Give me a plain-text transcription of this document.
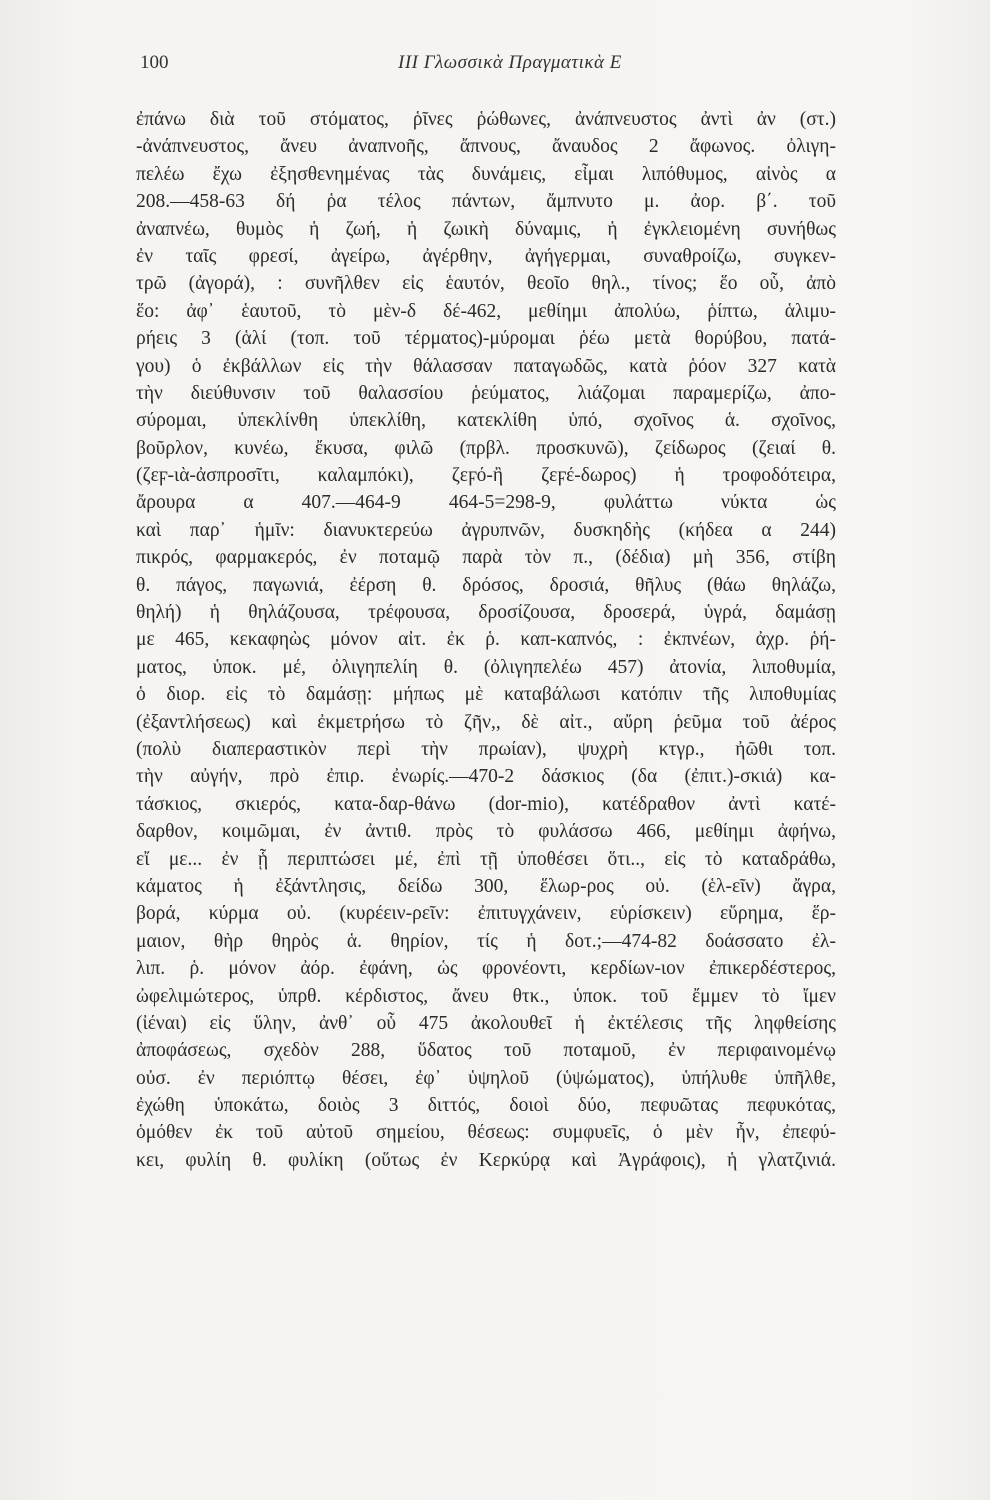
100	ΙΙΙ Γλωσσικὰ Πραγματικὰ Ε
ἐπάνω διὰ τοῦ στόματος, ῥῖνες ῥώθωνες, ἀνάπνευστος ἀντὶ ἀν (στ.)
-ἀνάπνευστος, ἄνευ ἀναπνοῆς, ἄπνους, ἄναυδος 2 ἄφωνος. ὀλιγη-
πελέω ἔχω ἐξησθενημένας τὰς δυνάμεις, εἶμαι λιπόθυμος, αἰνὸς α
208.—458-63 δή ῥα τέλος πάντων, ἄμπνυτο μ. ἀορ. β΄. τοῦ
ἀναπνέω, θυμὸς ἡ ζωή, ἡ ζωικὴ δύναμις, ἡ ἐγκλειομένη συνήθως
ἐν ταῖς φρεσί, ἀγείρω, ἀγέρθην, ἀγήγερμαι, συναθροίζω, συγκεν-
τρῶ (ἀγορά), : συνῆλθεν εἰς ἑαυτόν, θεοῖο θηλ., τίνος; ἕο οὗ, ἀπὸ
ἕο: ἀφ᾽ ἑαυτοῦ, τὸ μὲν-δ δέ-462, μεθίημι ἀπολύω, ῥίπτω, ἁλιμυ-
ρήεις 3 (ἁλί (τοπ. τοῦ τέρματος)-μύρομαι ῥέω μετὰ θορύβου, πατά-
γου) ὁ ἐκβάλλων εἰς τὴν θάλασσαν παταγωδῶς, κατὰ ῥόον 327 κατὰ
τὴν διεύθυνσιν τοῦ θαλασσίου ῥεύματος, λιάζομαι παραμερίζω, ἀπο-
σύρομαι, ὑπεκλίνθη ὑπεκλίθη, κατεκλίθη ὑπό, σχοῖνος ἁ. σχοῖνος,
βοῦρλον, κυνέω, ἔκυσα, φιλῶ (πρβλ. προσκυνῶ), ζείδωρος (ζειαί θ.
(ζεϝ-ιὰ-ἀσπροσῖτι, καλαμπόκι), ζεϝό-ἢ ζεϝέ-δωρος) ἡ τροφοδότειρα,
ἄρουρα α 407.—464-9 464-5=298-9, φυλάττω νύκτα ὡς
καὶ παρ᾽ ἡμῖν: διανυκτερεύω ἀγρυπνῶν, δυσκηδὴς (κήδεα α 244)
πικρός, φαρμακερός, ἐν ποταμῷ παρὰ τὸν π., (δέδια) μὴ 356, στίβη
θ. πάγος, παγωνιά, ἐέρση θ. δρόσος, δροσιά, θῆλυς (θάω θηλάζω,
θηλή) ἡ θηλάζουσα, τρέφουσα, δροσίζουσα, δροσερά, ὑγρά, δαμάσῃ
με 465, κεκαφηὼς μόνον αἰτ. ἐκ ῥ. καπ-καπνός, : ἐκπνέων, ἀχρ. ῥή-
ματος, ὑποκ. μέ, ὀλιγηπελίη θ. (ὀλιγηπελέω 457) ἀτονία, λιποθυμία,
ὁ διορ. εἰς τὸ δαμάσῃ: μήπως μὲ καταβάλωσι κατόπιν τῆς λιποθυμίας
(ἐξαντλήσεως) καὶ ἐκμετρήσω τὸ ζῆν,, δὲ αἰτ., αὔρη ῥεῦμα τοῦ ἀέρος
(πολὺ διαπεραστικὸν περὶ τὴν πρωίαν), ψυχρὴ κτγρ., ἠῶθι τοπ.
τὴν αὐγήν, πρὸ ἐπιρ. ἐνωρίς.—470-2 δάσκιος (δα (ἐπιτ.)-σκιά) κα-
τάσκιος, σκιερός, κατα-δαρ-θάνω (dor-mio), κατέδραθον ἀντὶ κατέ-
δαρθον, κοιμῶμαι, ἐν ἀντιθ. πρὸς τὸ φυλάσσω 466, μεθίημι ἀφήνω,
εἴ με... ἐν ᾗ περιπτώσει μέ, ἐπὶ τῇ ὑποθέσει ὅτι.., εἰς τὸ καταδράθω,
κάματος ἡ ἐξάντλησις, δείδω 300, ἕλωρ-ρος οὐ. (ἑλ-εῖν) ἄγρα,
βορά, κύρμα οὐ. (κυρέειν-ρεῖν: ἐπιτυγχάνειν, εὑρίσκειν) εὕρημα, ἕρ-
μαιον, θὴρ θηρὸς ἁ. θηρίον, τίς ἡ δοτ.;—474-82 δοάσσατο ἐλ-
λιπ. ῥ. μόνον ἀόρ. ἐφάνη, ὡς φρονέοντι, κερδίων-ιον ἐπικερδέστερος,
ὠφελιμώτερος, ὑπρθ. κέρδιστος, ἄνευ θτκ., ὑποκ. τοῦ ἔμμεν τὸ ἴμεν
(ἰέναι) εἰς ὕλην, ἀνθ᾽ οὗ 475 ἀκολουθεῖ ἡ ἐκτέλεσις τῆς ληφθείσης
ἀποφάσεως, σχεδὸν 288, ὕδατος τοῦ ποταμοῦ, ἐν περιφαινομένῳ
οὐσ. ἐν περιόπτῳ θέσει, ἐφ᾽ ὑψηλοῦ (ὑψώματος), ὑπήλυθε ὑπῆλθε,
ἐχώθη ὑποκάτω, δοιὸς 3 διττός, δοιοὶ δύο, πεφυῶτας πεφυκότας,
ὁμόθεν ἐκ τοῦ αὐτοῦ σημείου, θέσεως: συμφυεῖς, ὁ μὲν ἦν, ἐπεφύ-
κει, φυλίη θ. φυλίκη (οὕτως ἐν Κερκύρᾳ καὶ Ἀγράφοις), ἡ γλατζινιά.
